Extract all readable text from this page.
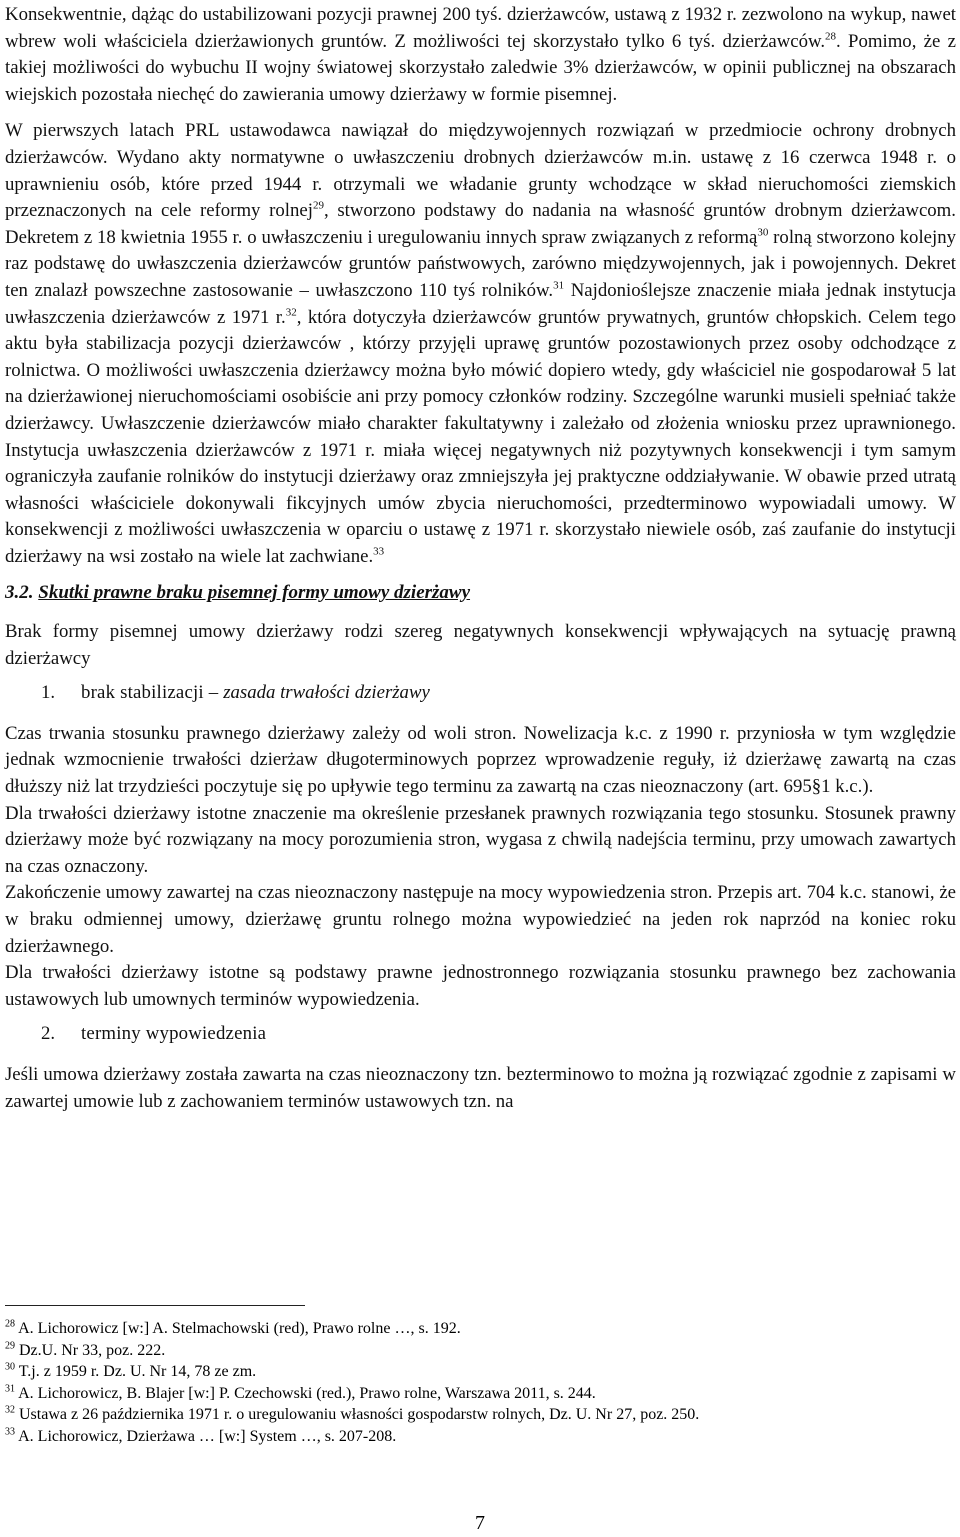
Konsekwentnie, dążąc do ustabilizowani pozycji prawnej 200 tyś. dzierżawców, ustawą z 1932 r. zezwolono na wykup, nawet wbrew woli właściciela dzierżawionych gruntów. Z możliwości tej skorzystało tylko 6 tyś. dzierżawców.$^{28}$. Pomimo, że z takiej możliwości do wybuchu II wojny światowej skorzystało zaledwie 3% dzierżawców, w opinii publicznej na obszarach wiejskich pozostała niechęć do zawierania umowy dzierżawy w formie pisemnej.

W pierwszych latach PRL ustawodawca nawiązał do międzywojennych rozwiązań w przedmiocie ochrony drobnych dzierżawców. Wydano akty normatywne o uwłaszczeniu drobnych dzierżawców m.in. ustawę z 16 czerwca 1948 r. o uprawnieniu osób, które przed 1944 r. otrzymali we władanie grunty wchodzące w skład nieruchomości ziemskich przeznaczonych na cele reformy rolnej$^{29}$, stworzono podstawy do nadania na własność gruntów drobnym dzierżawcom. Dekretem z 18 kwietnia 1955 r. o uwłaszczeniu i uregulowaniu innych spraw związanych z reformą$^{30}$ rolną stworzono kolejny raz podstawę do uwłaszczenia dzierżawców gruntów państwowych, zarówno międzywojennych, jak i powojennych. Dekret ten znalazł powszechne zastosowanie – uwłaszczono 110 tyś rolników.$^{31}$ Najdonioślejsze znaczenie miała jednak instytucja uwłaszczenia dzierżawców z 1971 r.$^{32}$, która dotyczyła dzierżawców gruntów prywatnych, gruntów chłopskich. Celem tego aktu była stabilizacja pozycji dzierżawców , którzy przyjęli uprawę gruntów pozostawionych przez osoby odchodzące z rolnictwa. O możliwości uwłaszczenia dzierżawcy można było mówić dopiero wtedy, gdy właściciel nie gospodarował 5 lat na dzierżawionej nieruchomościami osobiście ani przy pomocy członków rodziny. Szczególne warunki musieli spełniać także dzierżawcy. Uwłaszczenie dzierżawców miało charakter fakultatywny i zależało od złożenia wniosku przez uprawnionego. Instytucja uwłaszczenia dzierżawców z 1971 r. miała więcej negatywnych niż pozytywnych konsekwencji i tym samym ograniczyła zaufanie rolników do instytucji dzierżawy oraz zmniejszyła jej praktyczne oddziaływanie. W obawie przed utratą własności właściciele dokonywali fikcyjnych umów zbycia nieruchomości, przedterminowo wypowiadali umowy. W konsekwencji z możliwości uwłaszczenia w oparciu o ustawę z 1971 r. skorzystało niewiele osób, zaś zaufanie do instytucji dzierżawy na wsi zostało na wiele lat zachwiane.$^{33}$

3.2. Skutki prawne braku pisemnej formy umowy dzierżawy

Brak formy pisemnej umowy dzierżawy rodzi szereg negatywnych konsekwencji wpływających na sytuację prawną dzierżawcy

1. brak stabilizacji – zasada trwałości dzierżawy

Czas trwania stosunku prawnego dzierżawy zależy od woli stron. Nowelizacja k.c. z 1990 r. przyniosła w tym względzie jednak wzmocnienie trwałości dzierżaw długoterminowych poprzez wprowadzenie reguły, iż dzierżawę zawartą na czas dłuższy niż lat trzydzieści poczytuje się po upływie tego terminu za zawartą na czas nieoznaczony (art. 695§1 k.c.).

Dla trwałości dzierżawy istotne znaczenie ma określenie przesłanek prawnych rozwiązania tego stosunku. Stosunek prawny dzierżawy może być rozwiązany na mocy porozumienia stron, wygasa z chwilą nadejścia terminu, przy umowach zawartych na czas oznaczony.

Zakończenie umowy zawartej na czas nieoznaczony następuje na mocy wypowiedzenia stron. Przepis art. 704 k.c. stanowi, że w braku odmiennej umowy, dzierżawę gruntu rolnego można wypowiedzieć na jeden rok naprzód na koniec roku dzierżawnego.

Dla trwałości dzierżawy istotne są podstawy prawne jednostronnego rozwiązania stosunku prawnego bez zachowania ustawowych lub umownych terminów wypowiedzenia.

2. terminy wypowiedzenia

Jeśli umowa dzierżawy została zawarta na czas nieoznaczony tzn. bezterminowo to można ją rozwiązać zgodnie z zapisami w zawartej umowie lub z zachowaniem terminów ustawowych tzn. na

$^{28}$ A. Lichorowicz [w:] A. Stelmachowski (red), Prawo rolne …, s. 192.
$^{29}$ Dz.U. Nr 33, poz. 222.
$^{30}$ T.j. z 1959 r. Dz. U. Nr 14, 78 ze zm.
$^{31}$ A. Lichorowicz, B. Blajer [w:] P. Czechowski (red.), Prawo rolne, Warszawa 2011, s. 244.
$^{32}$ Ustawa z 26 października 1971 r. o uregulowaniu własności gospodarstw rolnych, Dz. U. Nr 27, poz. 250.
$^{33}$ A. Lichorowicz, Dzierżawa … [w:] System …, s. 207-208.
7
